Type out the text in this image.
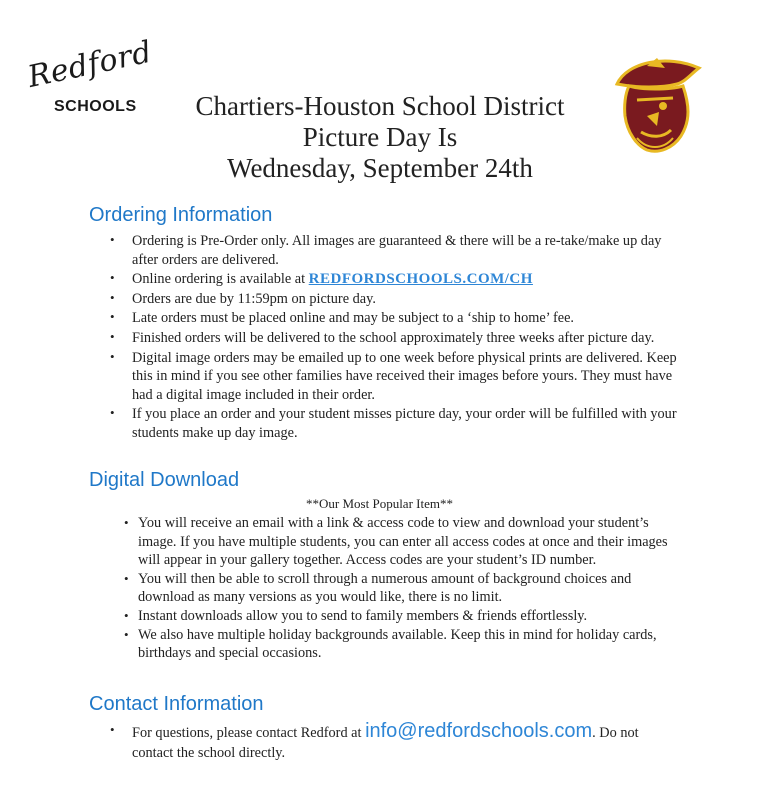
Redford
SCHOOLS	Chartiers-Houston School District
Picture Day Is
Wednesday, September 24th
Ordering Information
• Ordering is Pre-Order only. All images are guaranteed & there will be a re-take/make up day after orders are delivered.
• Online ordering is available at REDFORDSCHOOLS.COM/CH
• Orders are due by 11:59pm on picture day.
• Late orders must be placed online and may be subject to a ‘ship to home’ fee.
• Finished orders will be delivered to the school approximately three weeks after picture day.
• Digital image orders may be emailed up to one week before physical prints are delivered. Keep this in mind if you see other families have received their images before yours. They must have had a digital image included in their order.
• If you place an order and your student misses picture day, your order will be fulfilled with your students make up day image.
Digital Download
**Our Most Popular Item**
• You will receive an email with a link & access code to view and download your student’s image. If you have multiple students, you can enter all access codes at once and their images will appear in your gallery together. Access codes are your student’s ID number.
• You will then be able to scroll through a numerous amount of background choices and download as many versions as you would like, there is no limit.
• Instant downloads allow you to send to family members & friends effortlessly.
• We also have multiple holiday backgrounds available. Keep this in mind for holiday cards, birthdays and special occasions.
Contact Information
• For questions, please contact Redford at info@redfordschools.com. Do not contact the school directly.
